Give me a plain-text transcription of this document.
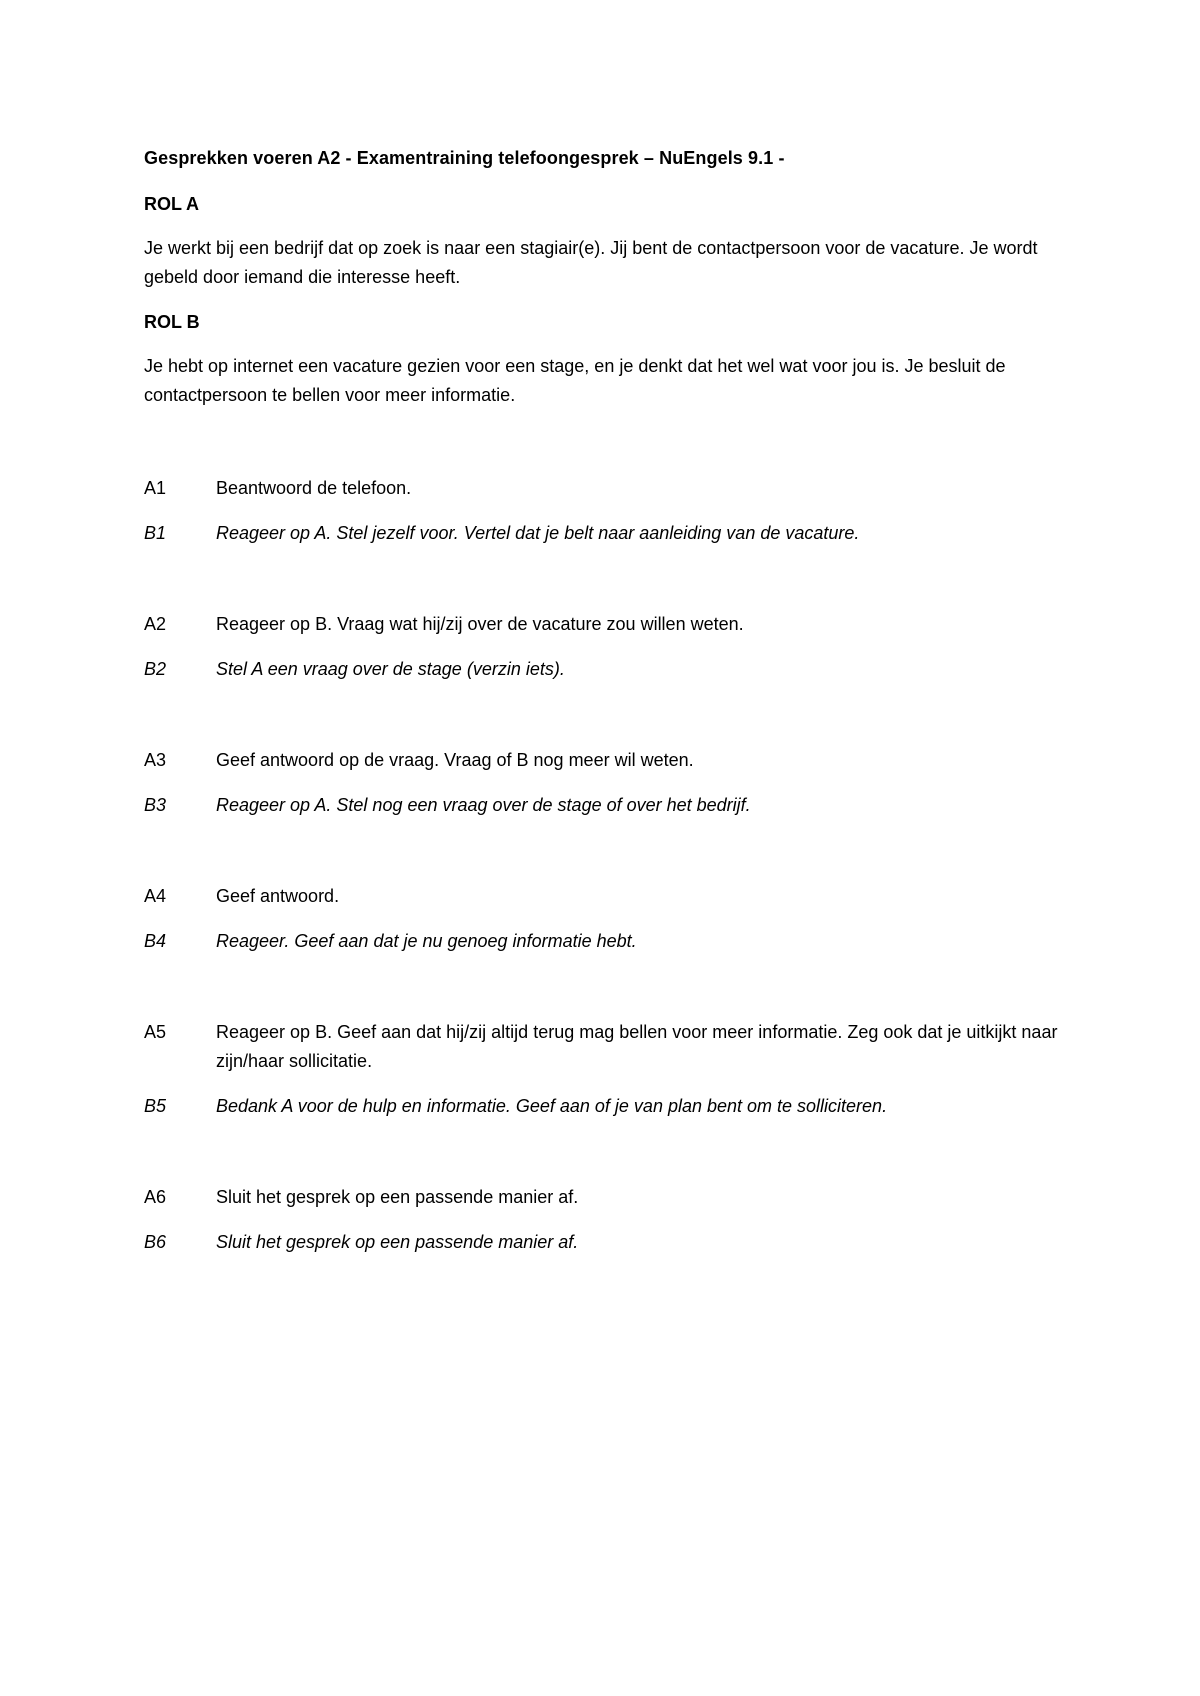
Gesprekken voeren A2 - Examentraining telefoongesprek – NuEngels 9.1 -
ROL A
Je werkt bij een bedrijf dat op zoek is naar een stagiair(e). Jij bent de contactpersoon voor de vacature. Je wordt gebeld door iemand die interesse heeft.
ROL B
Je hebt op internet een vacature gezien voor een stage, en je denkt dat het wel wat voor jou is. Je besluit de contactpersoon te bellen voor meer informatie.
A1	Beantwoord de telefoon.
B1	Reageer op A. Stel jezelf voor. Vertel dat je belt naar aanleiding van de vacature.
A2	Reageer op B. Vraag wat hij/zij over de vacature zou willen weten.
B2	Stel A een vraag over de stage (verzin iets).
A3	Geef antwoord op de vraag. Vraag of B nog meer wil weten.
B3	Reageer op A. Stel nog een vraag over de stage of over het bedrijf.
A4	Geef antwoord.
B4	Reageer. Geef aan dat je nu genoeg informatie hebt.
A5	Reageer op B. Geef aan dat hij/zij altijd terug mag bellen voor meer informatie. Zeg ook dat je uitkijkt naar zijn/haar sollicitatie.
B5	Bedank A voor de hulp en informatie. Geef aan of je van plan bent om te solliciteren.
A6	Sluit het gesprek op een passende manier af.
B6	Sluit het gesprek op een passende manier af.
